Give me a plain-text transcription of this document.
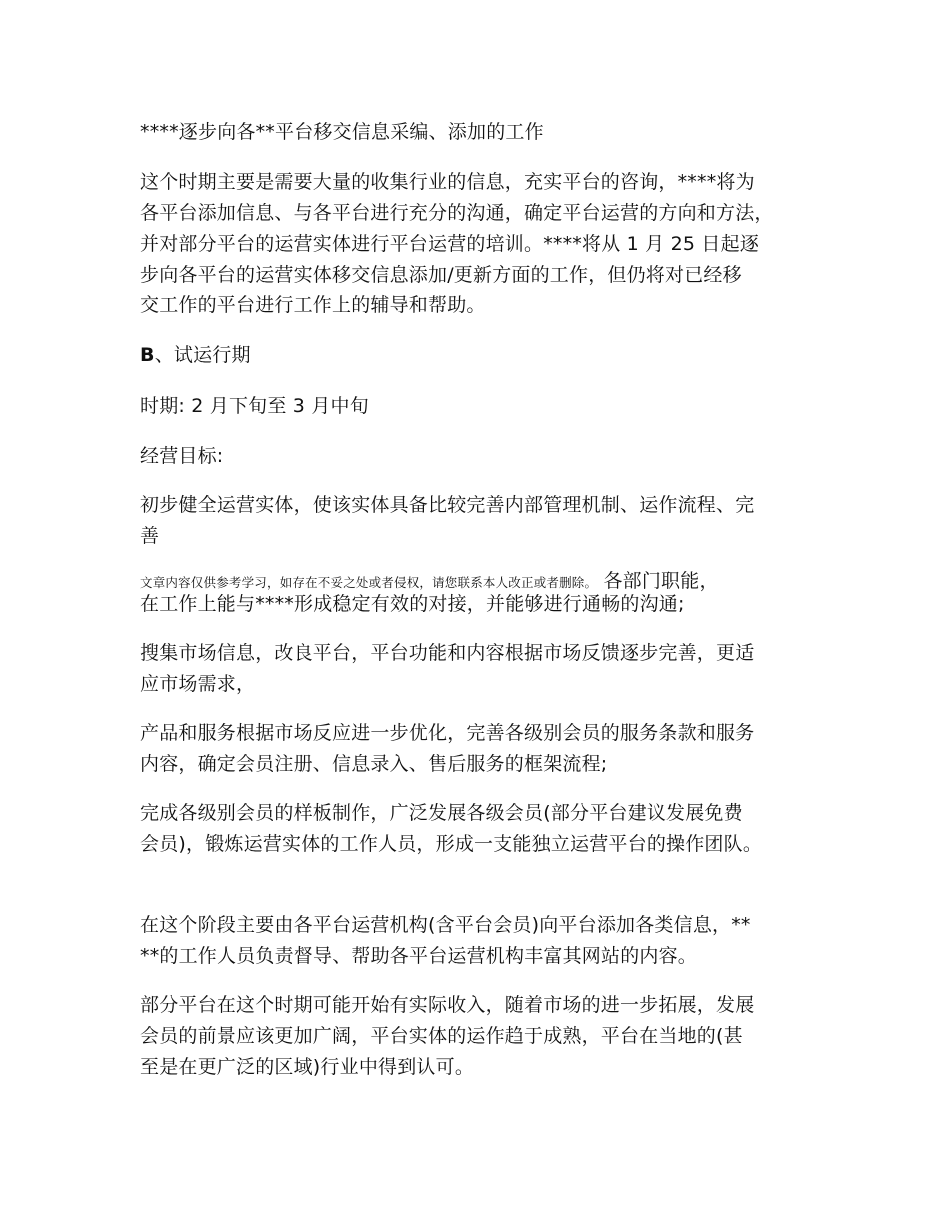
****逐步向各**平台移交信息采编、添加的工作
这个时期主要是需要大量的收集行业的信息，充实平台的咨询，****将为
各平台添加信息、与各平台进行充分的沟通，确定平台运营的方向和方法，
并对部分平台的运营实体进行平台运营的培训。****将从 1 月 25 日起逐
步向各平台的运营实体移交信息添加/更新方面的工作，但仍将对已经移
交工作的平台进行工作上的辅导和帮助。
B、试运行期
时期: 2 月下旬至 3 月中旬
经营目标:
初步健全运营实体，使该实体具备比较完善内部管理机制、运作流程、完
善
文章内容仅供参考学习，如存在不妥之处或者侵权，请您联系本人改正或者删除。 各部门职能，
在工作上能与****形成稳定有效的对接，并能够进行通畅的沟通;
搜集市场信息，改良平台，平台功能和内容根据市场反馈逐步完善，更适
应市场需求，
产品和服务根据市场反应进一步优化，完善各级别会员的服务条款和服务
内容，确定会员注册、信息录入、售后服务的框架流程;
完成各级别会员的样板制作，广泛发展各级会员(部分平台建议发展免费
会员)，锻炼运营实体的工作人员，形成一支能独立运营平台的操作团队。
在这个阶段主要由各平台运营机构(含平台会员)向平台添加各类信息，**
**的工作人员负责督导、帮助各平台运营机构丰富其网站的内容。
部分平台在这个时期可能开始有实际收入，随着市场的进一步拓展，发展
会员的前景应该更加广阔，平台实体的运作趋于成熟，平台在当地的(甚
至是在更广泛的区域)行业中得到认可。
